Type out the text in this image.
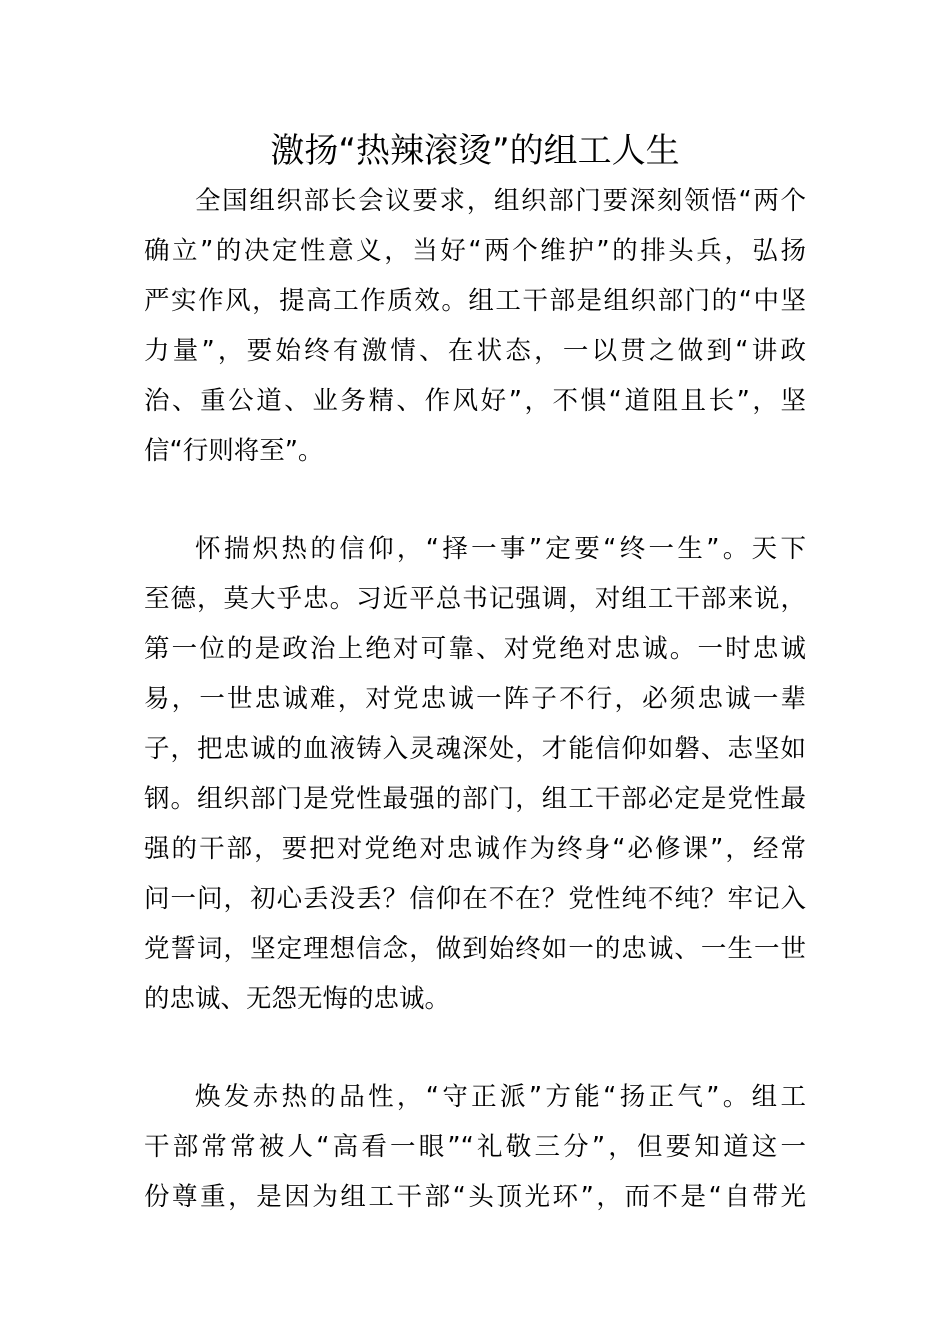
激扬“热辣滚烫”的组工人生
全国组织部长会议要求，组织部门要深刻领悟“两个
确立”的决定性意义，当好“两个维护”的排头兵，弘扬
严实作风，提高工作质效。组工干部是组织部门的“中坚
力量”，要始终有激情、在状态，一以贯之做到“讲政
治、重公道、业务精、作风好”，不惧“道阻且长”，坚
信“行则将至”。
怀揣炽热的信仰，“择一事”定要“终一生”。天下
至德，莫大乎忠。习近平总书记强调，对组工干部来说，
第一位的是政治上绝对可靠、对党绝对忠诚。一时忠诚
易，一世忠诚难，对党忠诚一阵子不行，必须忠诚一辈
子，把忠诚的血液铸入灵魂深处，才能信仰如磐、志坚如
钢。组织部门是党性最强的部门，组工干部必定是党性最
强的干部，要把对党绝对忠诚作为终身“必修课”，经常
问一问，初心丢没丢？信仰在不在？党性纯不纯？牢记入
党誓词，坚定理想信念，做到始终如一的忠诚、一生一世
的忠诚、无怨无悔的忠诚。
焕发赤热的品性，“守正派”方能“扬正气”。组工
干部常常被人“高看一眼”“礼敬三分”，但要知道这一
份尊重，是因为组工干部“头顶光环”，而不是“自带光
